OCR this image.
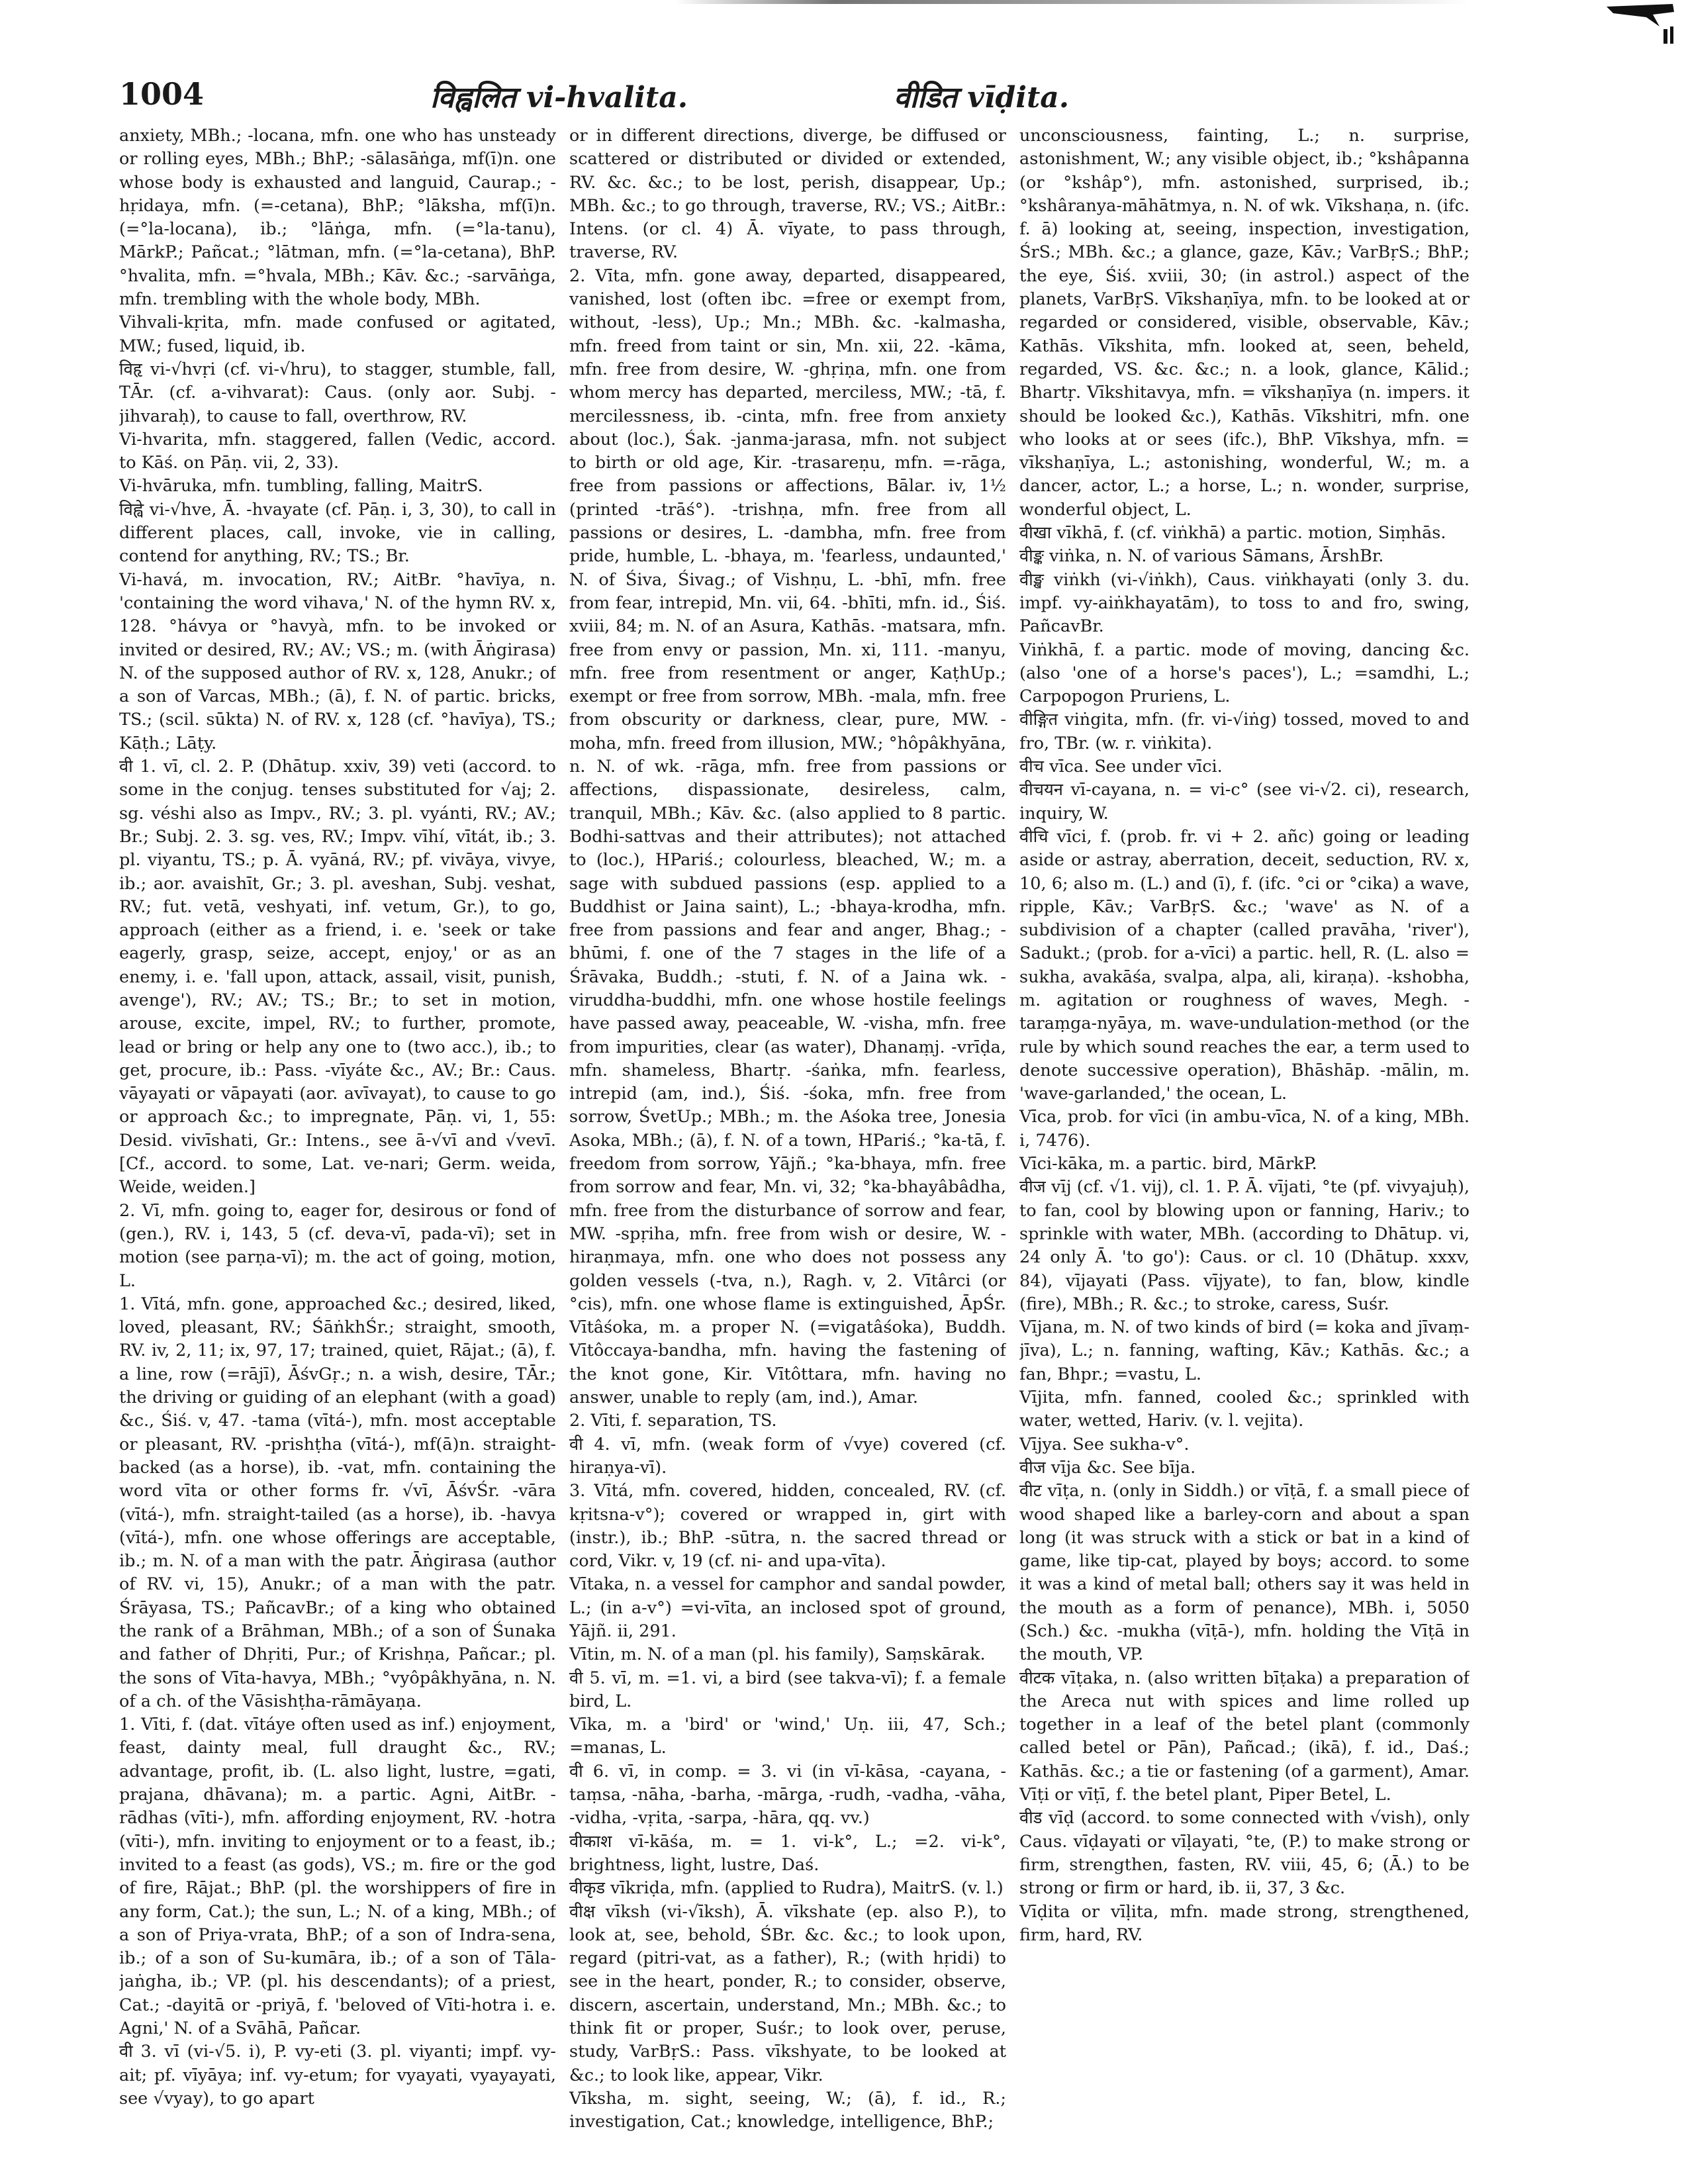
1004	विह्वलित vi-hvalita.	वीडित vīḍita.

anxiety, MBh.; -locana, mfn. one who has unsteady or rolling eyes, MBh.; BhP.; -sālasāṅga, mf(ī)n. one whose body is exhausted and languid, Caurap.; -hṛidaya, mfn. (=-cetana), BhP.; °lāksha, mf(ī)n. (=°la-locana), ib.; °lāṅga, mfn. (=°la-tanu), MārkP.; Pañcat.; °lātman, mfn. (=°la-cetana), BhP. °hvalita, mfn. =°hvala, MBh.; Kāv. &c.; -sarvāṅga, mfn. trembling with the whole body, MBh.

Vihvali-kṛita, mfn. made confused or agitated, MW.; fused, liquid, ib.

विहृ vi-√hvṛi (cf. vi-√hru), to stagger, stumble, fall, TĀr. (cf. a-vihvarat): Caus. (only aor. Subj. -jihvaraḥ), to cause to fall, overthrow, RV.

Vi-hvarita, mfn. staggered, fallen (Vedic, accord. to Kāś. on Pāṇ. vii, 2, 33).

Vi-hvāruka, mfn. tumbling, falling, MaitrS.

विह्वे vi-√hve, Ā. -hvayate (cf. Pāṇ. i, 3, 30), to call in different places, call, invoke, vie in calling, contend for anything, RV.; TS.; Br.

Vi-havá, m. invocation, RV.; AitBr. °havīya, n. 'containing the word vihava,' N. of the hymn RV. x, 128. °hávya or °havyà, mfn. to be invoked or invited or desired, RV.; AV.; VS.; m. (with Āṅgirasa) N. of the supposed author of RV. x, 128, Anukr.; of a son of Varcas, MBh.; (ā), f. N. of partic. bricks, TS.; (scil. sūkta) N. of RV. x, 128 (cf. °havīya), TS.; Kāṭh.; Lāṭy.

वी 1. vī, cl. 2. P. (Dhātup. xxiv, 39) veti (accord. to some in the conjug. tenses substituted for √aj; 2. sg. véshi also as Impv., RV.; 3. pl. vyánti, RV.; AV.; Br.; Subj. 2. 3. sg. ves, RV.; Impv. vīhí, vītát, ib.; 3. pl. viyantu, TS.; p. Ā. vyāná, RV.; pf. vivāya, vivye, ib.; aor. avaishīt, Gr.; 3. pl. aveshan, Subj. veshat, RV.; fut. vetā, veshyati, inf. vetum, Gr.), to go, approach (either as a friend, i. e. 'seek or take eagerly, grasp, seize, accept, enjoy,' or as an enemy, i. e. 'fall upon, attack, assail, visit, punish, avenge'), RV.; AV.; TS.; Br.; to set in motion, arouse, excite, impel, RV.; to further, promote, lead or bring or help any one to (two acc.), ib.; to get, procure, ib.: Pass. -vīyáte &c., AV.; Br.: Caus. vāyayati or vāpayati (aor. avīvayat), to cause to go or approach &c.; to impregnate, Pāṇ. vi, 1, 55: Desid. vivīshati, Gr.: Intens., see ā-√vī and √vevī. [Cf., accord. to some, Lat. ve-nari; Germ. weida, Weide, weiden.]

2. Vī, mfn. going to, eager for, desirous or fond of (gen.), RV. i, 143, 5 (cf. deva-vī, pada-vī); set in motion (see parṇa-vī); m. the act of going, motion, L.

1. Vītá, mfn. gone, approached &c.; desired, liked, loved, pleasant, RV.; ŚāṅkhŚr.; straight, smooth, RV. iv, 2, 11; ix, 97, 17; trained, quiet, Rājat.; (ā), f. a line, row (=rājī), ĀśvGṛ.; n. a wish, desire, TĀr.; the driving or guiding of an elephant (with a goad) &c., Śiś. v, 47. -tama (vītá-), mfn. most acceptable or pleasant, RV. -prishṭha (vītá-), mf(ā)n. straight-backed (as a horse), ib. -vat, mfn. containing the word vīta or other forms fr. √vī, ĀśvŚr. -vāra (vītá-), mfn. straight-tailed (as a horse), ib. -havya (vītá-), mfn. one whose offerings are acceptable, ib.; m. N. of a man with the patr. Āṅgirasa (author of RV. vi, 15), Anukr.; of a man with the patr. Śrāyasa, TS.; PañcavBr.; of a king who obtained the rank of a Brāhman, MBh.; of a son of Śunaka and father of Dhṛiti, Pur.; of Krishṇa, Pañcar.; pl. the sons of Vīta-havya, MBh.; °vyôpâkhyāna, n. N. of a ch. of the Vāsishṭha-rāmāyaṇa.

1. Vīti, f. (dat. vītáye often used as inf.) enjoyment, feast, dainty meal, full draught &c., RV.; advantage, profit, ib. (L. also light, lustre, =gati, prajana, dhāvana); m. a partic. Agni, AitBr. -rādhas (vīti-), mfn. affording enjoyment, RV. -hotra (vīti-), mfn. inviting to enjoyment or to a feast, ib.; invited to a feast (as gods), VS.; m. fire or the god of fire, Rājat.; BhP. (pl. the worshippers of fire in any form, Cat.); the sun, L.; N. of a king, MBh.; of a son of Priya-vrata, BhP.; of a son of Indra-sena, ib.; of a son of Su-kumāra, ib.; of a son of Tāla-jaṅgha, ib.; VP. (pl. his descendants); of a priest, Cat.; -dayitā or -priyā, f. 'beloved of Vīti-hotra i. e. Agni,' N. of a Svāhā, Pañcar.

वी 3. vī (vi-√5. i), P. vy-eti (3. pl. viyanti; impf. vy-ait; pf. vīyāya; inf. vy-etum; for vyayati, vyayayati, see √vyay), to go apart

or in different directions, diverge, be diffused or scattered or distributed or divided or extended, RV. &c. &c.; to be lost, perish, disappear, Up.; MBh. &c.; to go through, traverse, RV.; VS.; AitBr.: Intens. (or cl. 4) Ā. vīyate, to pass through, traverse, RV.

2. Vīta, mfn. gone away, departed, disappeared, vanished, lost (often ibc. =free or exempt from, without, -less), Up.; Mn.; MBh. &c. -kalmasha, mfn. freed from taint or sin, Mn. xii, 22. -kāma, mfn. free from desire, W. -ghṛiṇa, mfn. one from whom mercy has departed, merciless, MW.; -tā, f. mercilessness, ib. -cinta, mfn. free from anxiety about (loc.), Śak. -janma-jarasa, mfn. not subject to birth or old age, Kir. -trasareṇu, mfn. =-rāga, free from passions or affections, Bālar. iv, 1½ (printed -trāś°). -trishṇa, mfn. free from all passions or desires, L. -dambha, mfn. free from pride, humble, L. -bhaya, m. 'fearless, undaunted,' N. of Śiva, Śivag.; of Vishṇu, L. -bhī, mfn. free from fear, intrepid, Mn. vii, 64. -bhīti, mfn. id., Śiś. xviii, 84; m. N. of an Asura, Kathās. -matsara, mfn. free from envy or passion, Mn. xi, 111. -manyu, mfn. free from resentment or anger, KaṭhUp.; exempt or free from sorrow, MBh. -mala, mfn. free from obscurity or darkness, clear, pure, MW. -moha, mfn. freed from illusion, MW.; °hôpâkhyāna, n. N. of wk. -rāga, mfn. free from passions or affections, dispassionate, desireless, calm, tranquil, MBh.; Kāv. &c. (also applied to 8 partic. Bodhi-sattvas and their attributes); not attached to (loc.), HPariś.; colourless, bleached, W.; m. a sage with subdued passions (esp. applied to a Buddhist or Jaina saint), L.; -bhaya-krodha, mfn. free from passions and fear and anger, Bhag.; -bhūmi, f. one of the 7 stages in the life of a Śrāvaka, Buddh.; -stuti, f. N. of a Jaina wk. -viruddha-buddhi, mfn. one whose hostile feelings have passed away, peaceable, W. -visha, mfn. free from impurities, clear (as water), Dhanaṃj. -vrīḍa, mfn. shameless, Bhartṛ. -śaṅka, mfn. fearless, intrepid (am, ind.), Śiś. -śoka, mfn. free from sorrow, ŚvetUp.; MBh.; m. the Aśoka tree, Jonesia Asoka, MBh.; (ā), f. N. of a town, HPariś.; °ka-tā, f. freedom from sorrow, Yājñ.; °ka-bhaya, mfn. free from sorrow and fear, Mn. vi, 32; °ka-bhayâbâdha, mfn. free from the disturbance of sorrow and fear, MW. -spṛiha, mfn. free from wish or desire, W. -hiraṇmaya, mfn. one who does not possess any golden vessels (-tva, n.), Ragh. v, 2. Vītârci (or °cis), mfn. one whose flame is extinguished, ĀpŚr. Vītâśoka, m. a proper N. (=vigatâśoka), Buddh. Vītôccaya-bandha, mfn. having the fastening of the knot gone, Kir. Vītôttara, mfn. having no answer, unable to reply (am, ind.), Amar.

2. Vīti, f. separation, TS.

वी 4. vī, mfn. (weak form of √vye) covered (cf. hiraṇya-vī).

3. Vītá, mfn. covered, hidden, concealed, RV. (cf. kṛitsna-v°); covered or wrapped in, girt with (instr.), ib.; BhP. -sūtra, n. the sacred thread or cord, Vikr. v, 19 (cf. ni- and upa-vīta).

Vītaka, n. a vessel for camphor and sandal powder, L.; (in a-v°) =vi-vīta, an inclosed spot of ground, Yājñ. ii, 291.

Vītin, m. N. of a man (pl. his family), Saṃskārak.

वी 5. vī, m. =1. vi, a bird (see takva-vī); f. a female bird, L.

Vīka, m. a 'bird' or 'wind,' Uṇ. iii, 47, Sch.; =manas, L.

वी 6. vī, in comp. = 3. vi (in vī-kāsa, -cayana, -taṃsa, -nāha, -barha, -mārga, -rudh, -vadha, -vāha, -vidha, -vṛita, -sarpa, -hāra, qq. vv.)

वीकाश vī-kāśa, m. = 1. vi-k°, L.; =2. vi-k°, brightness, light, lustre, Daś.

वीकृड vīkriḍa, mfn. (applied to Rudra), MaitrS. (v. l.)

वीक्ष vīksh (vi-√īksh), Ā. vīkshate (ep. also P.), to look at, see, behold, ŚBr. &c. &c.; to look upon, regard (pitri-vat, as a father), R.; (with hṛidi) to see in the heart, ponder, R.; to consider, observe, discern, ascertain, understand, Mn.; MBh. &c.; to think fit or proper, Suśr.; to look over, peruse, study, VarBṛS.: Pass. vīkshyate, to be looked at &c.; to look like, appear, Vikr.

Vīksha, m. sight, seeing, W.; (ā), f. id., R.; investigation, Cat.; knowledge, intelligence, BhP.;

unconsciousness, fainting, L.; n. surprise, astonishment, W.; any visible object, ib.; °kshâpanna (or °kshâp°), mfn. astonished, surprised, ib.; °kshâranya-māhātmya, n. N. of wk. Vīkshaṇa, n. (ifc. f. ā) looking at, seeing, inspection, investigation, ŚrS.; MBh. &c.; a glance, gaze, Kāv.; VarBṛS.; BhP.; the eye, Śiś. xviii, 30; (in astrol.) aspect of the planets, VarBṛS. Vīkshaṇīya, mfn. to be looked at or regarded or considered, visible, observable, Kāv.; Kathās. Vīkshita, mfn. looked at, seen, beheld, regarded, VS. &c. &c.; n. a look, glance, Kālid.; Bhartṛ. Vīkshitavya, mfn. = vīkshaṇīya (n. impers. it should be looked &c.), Kathās. Vīkshitri, mfn. one who looks at or sees (ifc.), BhP. Vīkshya, mfn. = vīkshaṇīya, L.; astonishing, wonderful, W.; m. a dancer, actor, L.; a horse, L.; n. wonder, surprise, wonderful object, L.

वीखा vīkhā, f. (cf. viṅkhā) a partic. motion, Siṃhās.

वीङ्क viṅka, n. N. of various Sāmans, ĀrshBr.

वीङ्ख viṅkh (vi-√iṅkh), Caus. viṅkhayati (only 3. du. impf. vy-aiṅkhayatām), to toss to and fro, swing, PañcavBr.

Viṅkhā, f. a partic. mode of moving, dancing &c. (also 'one of a horse's paces'), L.; =samdhi, L.; Carpopogon Pruriens, L.

वीङ्गित viṅgita, mfn. (fr. vi-√iṅg) tossed, moved to and fro, TBr. (w. r. viṅkita).

वीच vīca. See under vīci.

वीचयन vī-cayana, n. = vi-c° (see vi-√2. ci), research, inquiry, W.

वीचि vīci, f. (prob. fr. vi + 2. añc) going or leading aside or astray, aberration, deceit, seduction, RV. x, 10, 6; also m. (L.) and (ī), f. (ifc. °ci or °cika) a wave, ripple, Kāv.; VarBṛS. &c.; 'wave' as N. of a subdivision of a chapter (called pravāha, 'river'), Sadukt.; (prob. for a-vīci) a partic. hell, R. (L. also = sukha, avakāśa, svalpa, alpa, ali, kiraṇa). -kshobha, m. agitation or roughness of waves, Megh. -taraṃga-nyāya, m. wave-undulation-method (or the rule by which sound reaches the ear, a term used to denote successive operation), Bhāshāp. -mālin, m. 'wave-garlanded,' the ocean, L.

Vīca, prob. for vīci (in ambu-vīca, N. of a king, MBh. i, 7476).

Vīci-kāka, m. a partic. bird, MārkP.

वीज vīj (cf. √1. vij), cl. 1. P. Ā. vījati, °te (pf. vivyajuḥ), to fan, cool by blowing upon or fanning, Hariv.; to sprinkle with water, MBh. (according to Dhātup. vi, 24 only Ā. 'to go'): Caus. or cl. 10 (Dhātup. xxxv, 84), vījayati (Pass. vījyate), to fan, blow, kindle (fire), MBh.; R. &c.; to stroke, caress, Suśr.

Vījana, m. N. of two kinds of bird (= koka and jīvaṃ-jīva), L.; n. fanning, wafting, Kāv.; Kathās. &c.; a fan, Bhpr.; =vastu, L.

Vījita, mfn. fanned, cooled &c.; sprinkled with water, wetted, Hariv. (v. l. vejita).

Vījya. See sukha-v°.

वीज vīja &c. See bīja.

वीट vīṭa, n. (only in Siddh.) or vīṭā, f. a small piece of wood shaped like a barley-corn and about a span long (it was struck with a stick or bat in a kind of game, like tip-cat, played by boys; accord. to some it was a kind of metal ball; others say it was held in the mouth as a form of penance), MBh. i, 5050 (Sch.) &c. -mukha (vīṭā-), mfn. holding the Vīṭā in the mouth, VP.

वीटक vīṭaka, n. (also written bīṭaka) a preparation of the Areca nut with spices and lime rolled up together in a leaf of the betel plant (commonly called betel or Pān), Pañcad.; (ikā), f. id., Daś.; Kathās. &c.; a tie or fastening (of a garment), Amar. Vīṭi or vīṭī, f. the betel plant, Piper Betel, L.

वीड vīḍ (accord. to some connected with √vish), only Caus. vīḍayati or vīḷayati, °te, (P.) to make strong or firm, strengthen, fasten, RV. viii, 45, 6; (Ā.) to be strong or firm or hard, ib. ii, 37, 3 &c.

Vīḍita or vīḷita, mfn. made strong, strengthened, firm, hard, RV.
